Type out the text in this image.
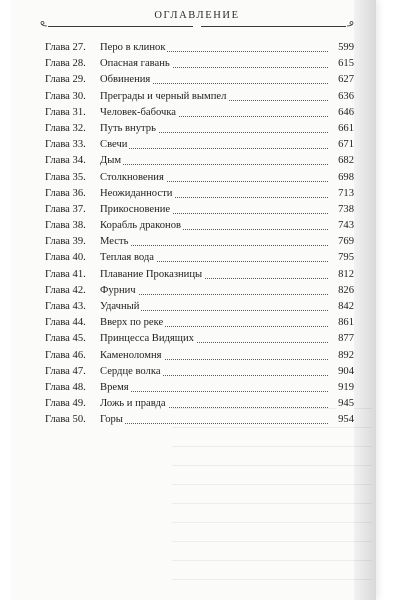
ОГЛАВЛЕНИЕ
Глава 27. Перо в клинок	599
Глава 28. Опасная гавань	615
Глава 29. Обвинения	627
Глава 30. Преграды и черный вымпел	636
Глава 31. Человек-бабочка	646
Глава 32. Путь внутрь	661
Глава 33. Свечи	671
Глава 34. Дым	682
Глава 35. Столкновения	698
Глава 36. Неожиданности	713
Глава 37. Прикосновение	738
Глава 38. Корабль драконов	743
Глава 39. Месть	769
Глава 40. Теплая вода	795
Глава 41. Плавание Проказницы	812
Глава 42. Фурнич	826
Глава 43. Удачный	842
Глава 44. Вверх по реке	861
Глава 45. Принцесса Видящих	877
Глава 46. Каменоломня	892
Глава 47. Сердце волка	904
Глава 48. Время	919
Глава 49. Ложь и правда	945
Глава 50. Горы	954
